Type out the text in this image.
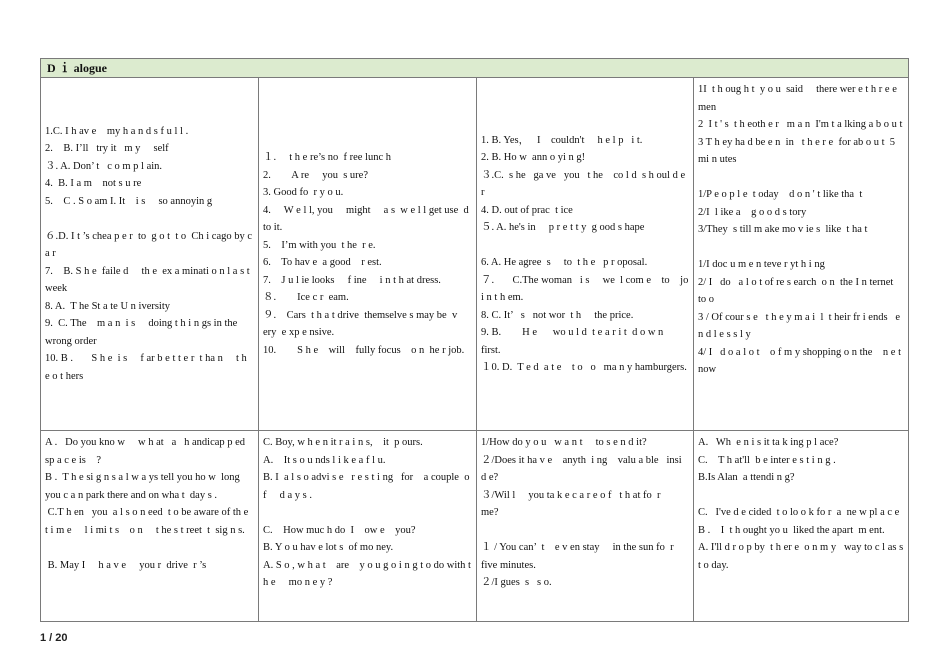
D ｉ alogue
1.C. I h av e    my h a n d s f u l l .
2.    B. I’ll   try it   m y     self
３. A. Don’ t   c o m p l ain.
4.  B. I a m    not s u re
5.    C . S o am I. It    i s     so annoyin g
６.D. I t ’s chea p e r  to  g o t  t o  Ch i cago by c a r
7.    B. S h e  faile d     th e  ex a minati o n l a s t     week
8. A.  T he St a te U n iversity
9.  C. The    m a n  i s     doing t h i n gs in the wrong order
10. B .       S h e  i s     f ar b e t t e r  t ha n     t h e o t hers
１.     t h e re’s no  f ree lunc h
2.        A re     you  s ure?
3. Good fo  r y o u.
4.     W e l l, you     might     a s  w e l l get use  d  to it.
5.    I’m with you  t he  r e.
6.    To hav e  a good    r est.
7.    J u l ie looks     f ine     i n t h at dress.
８.        Ice c r  eam.
９.    Cars  t h a t drive  themselve s may be  v ery  e xp e nsive.
10.        S h e    will    fully focus    o n  he r job.
1. B. Yes，   I    couldn't     h e l p   i t.
2. B. Ho w  ann o yi n g!
３.C.  s he   ga ve   you   t he    co l d  s h oul d e r
4. D. out of prac  t ice
５. A. he's in     p r e t t y  g ood s hape
6. A. He agree  s     to  t h e   p r oposal.
７.       C.The woman   i s     we  l com e    to    jo  i n t h em.
8. C. It’   s   not wor  t h     the price.
9. B.        H e      wo u l d  t e a r i t  d o w n    first.
１0. D.  T e d  a t e    t o   o   ma n y hamburgers.
1I  t h oug h t  y o u  said     there wer e t h r e e men
2  I t ' s  t h eoth e r   m a n  I'm t a lking a b o u t
3 T h ey ha d be e n  in   t h e r e  for ab o u t  5  mi n utes
1/P e o p l e  t oday    d o n ' t like tha  t
2/I  l ike a    g o o d s tory
3/They  s till m ake mo v ie s  like  t ha t
1/I doc u m e n teve r yt h i ng
2/ I   do   a l o t of re s earch  o n  the I n ternet to o
3 / Of cour s e   t h e y m a i  l  t heir fr i ends   e n d l e s s l y
4/ I   d o a l o t    o f m y shopping o n the    n e t now
A .   Do you kno w     w h at   a   h andicap p ed sp a c e is    ?
B .  T h e si g n s a l w a ys tell you ho w  long you c a n park there and on wha t  day s .
C.T h en   you  a l s o n eed  t o be aware of th e  t i m e     l i mi t s    o n     t he s t reet  t  sig n s.
B. May I     h a v e     you r  drive  r ’s
C. Boy, w h e n it r a i n s,    it  p ours.
A.    It s o u nds l i k e a f l u.
B. I  a l s o advi s e   r e s t i ng   for    a couple  o f     d a y s .
C.    How muc h do  I    ow e    you?
B. Y o u hav e lot s  of mo ney.
A. S o , w h a t    are    y o u g o i n g t o do with t h e     mo n e y ?
1/How do y o u   w a n t     to s e n d it?
２/Does it ha v e    anyth  i ng    valu a ble   insi  d e?
３/Wil l     you ta k e c a r e o f   t h at fo  r     me?
１ / You can’  t    e v en stay     in the sun fo  r   five minutes.
２/I gues  s   s o.
A.   Wh  e n i s it ta k ing p l ace?
C.    T h at'll  b e inter e s t i n g .
B.Is Alan  a ttendi n g?
C.   I've d e cided  t o lo o k fo r  a  ne w pl a c e
B .    I  t h ought yo u  liked the apart  m ent.
A. I'll d r o p by  t h er e  o n m y   way to c l as s  t o day.
1 / 20
